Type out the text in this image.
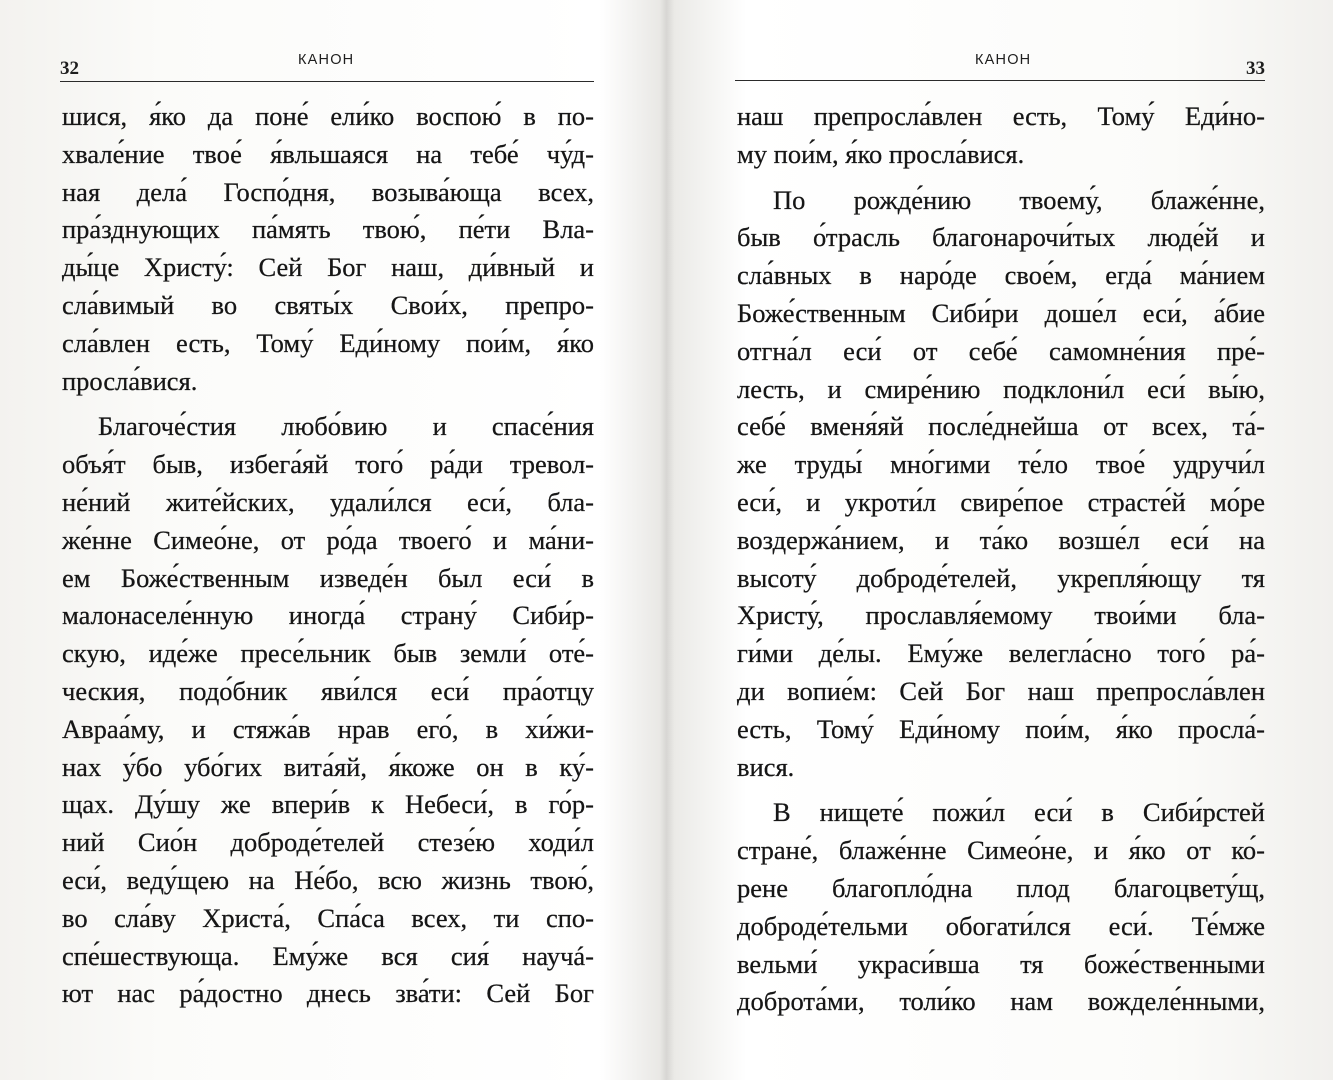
32	КАНОН
шися, я́ко да поне́ ели́ко воспою́ в по-
хвале́ние твое́ я́вльшаяся на тебе́ чу́д-
ная дела́ Госпо́дня, возыва́юща всех,
пра́зднующих па́мять твою́, пе́ти Вла-
ды́це Христу́: Сей Бог наш, ди́вный и
сла́вимый во святы́х Свои́х, препро-
сла́влен есть, Тому́ Еди́ному пои́м, я́ко
просла́вися.
Благоче́стия любо́вию и спасе́ния
объя́т быв, избега́яй того́ ра́ди тревол-
не́ний жите́йских, удали́лся еси́, бла-
же́нне Симео́не, от ро́да твоего́ и ма́ни-
ем Боже́ственным изведе́н был еси́ в
малонаселе́нную иногда́ страну́ Сиби́р-
скую, иде́же пресе́льник быв земли́ оте́-
ческия, подо́бник яви́лся еси́ пра́отцу
Авраа́му, и стяжа́в нрав его́, в хи́жи-
нах у́бо убо́гих вита́яй, я́коже он в ку́-
щах. Ду́шу же впери́в к Небеси́, в го́р-
ний Сио́н доброде́телей стезе́ю ходи́л
еси́, веду́щею на Не́бо, всю жизнь твою́,
во сла́ву Христа́, Спа́са всех, ти спо-
спе́шествующа. Ему́же вся сия́ научá-
ют нас ра́достно днесь зва́ти: Сей Бог
КАНОН	33
наш препросла́влен есть, Тому́ Еди́но-
му пои́м, я́ко просла́вися.
По рожде́нию твоему́, блаже́нне,
быв о́трасль благонарочи́тых люде́й и
сла́вных в наро́де свое́м, егда́ ма́нием
Боже́ственным Сиби́ри доше́л еси́, а́бие
отгна́л еси́ от себе́ самомне́ния пре́-
лесть, и смире́нию подклони́л еси́ вы́ю,
себе́ вменя́яй после́днейша от всех, та́-
же труды́ мно́гими те́ло твое́ удручи́л
еси́, и укроти́л свире́пое страсте́й мо́ре
воздержа́нием, и та́ко возше́л еси́ на
высоту́ доброде́телей, укрепля́ющу тя
Христу́, прославля́емому твои́ми бла-
ги́ми де́лы. Ему́же велегла́сно того́ ра́-
ди вопие́м: Сей Бог наш препросла́влен
есть, Тому́ Еди́ному пои́м, я́ко просла́-
вися.
В нищете́ пожи́л еси́ в Сиби́рстей
стране́, блаже́нне Симео́не, и я́ко от ко́-
рене благопло́дна плод благоцвету́щ,
доброде́тельми обогати́лся еси́. Те́мже
вельми́ украси́вша тя боже́ственными
доброта́ми, толи́ко нам вожделе́нными,
